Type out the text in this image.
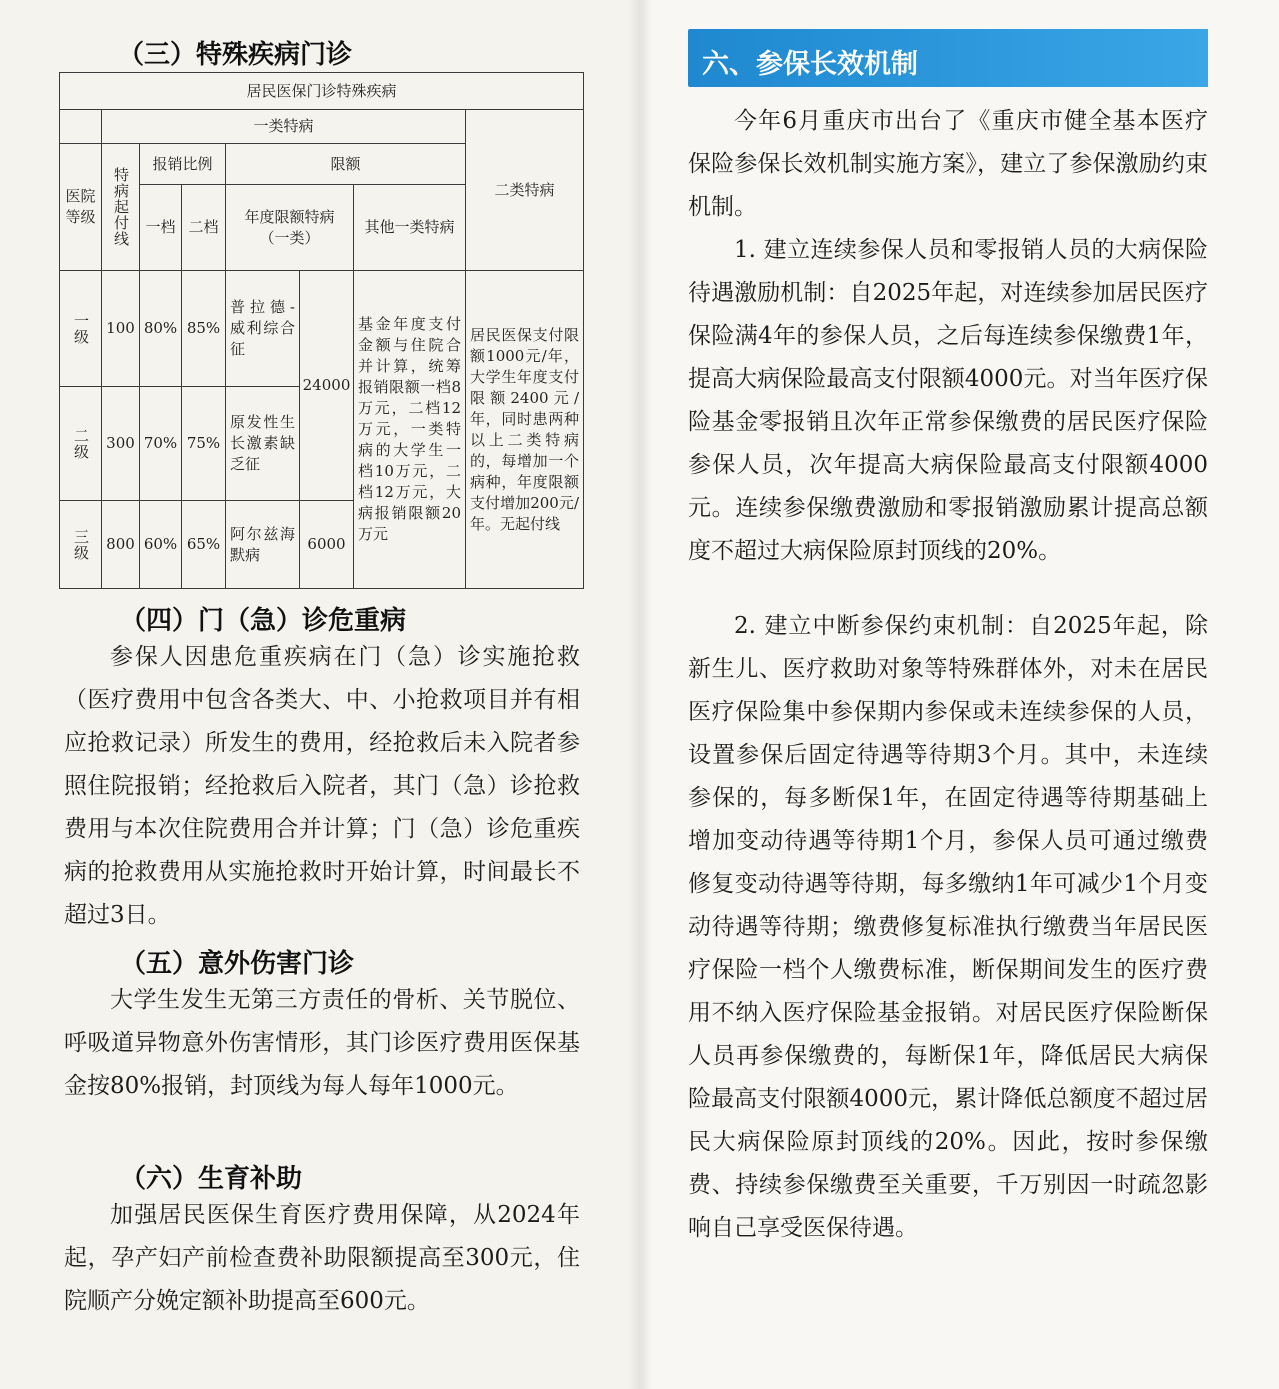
（三）特殊疾病门诊
居民医保门诊特殊疾病							
	一类特病						二类特病
医院等级	特病起付线	报销比例		限额			
		一档	二档	年度限额特病（一类）		其他一类特病	
一级	100	80%	85%	普拉德-威利综合征	24000	基金年度支付金额与住院合并计算，统筹报销限额一档8万元，二档12万元，一类特病的大学生一档10万元，二档12万元，大病报销限额20万元	居民医保支付限额1000元/年，大学生年度支付限额2400元/年，同时患两种以上二类特病的，每增加一个病种，年度限额支付增加200元/年。无起付线
二级	300	70%	75%	原发性生长激素缺乏征			
三级	800	60%	65%	阿尔兹海默病	6000		
（四）门（急）诊危重病

参保人因患危重疾病在门（急）诊实施抢救（医疗费用中包含各类大、中、小抢救项目并有相应抢救记录）所发生的费用，经抢救后未入院者参照住院报销；经抢救后入院者，其门（急）诊抢救费用与本次住院费用合并计算；门（急）诊危重疾病的抢救费用从实施抢救时开始计算，时间最长不超过3日。

（五）意外伤害门诊

大学生发生无第三方责任的骨析、关节脱位、呼吸道异物意外伤害情形，其门诊医疗费用医保基金按80%报销，封顶线为每人每年1000元。

（六）生育补助

加强居民医保生育医疗费用保障，从2024年起，孕产妇产前检查费补助限额提高至300元，住院顺产分娩定额补助提高至600元。

六、参保长效机制

今年6月重庆市出台了《重庆市健全基本医疗保险参保长效机制实施方案》，建立了参保激励约束机制。

1. 建立连续参保人员和零报销人员的大病保险待遇激励机制：自2025年起，对连续参加居民医疗保险满4年的参保人员，之后每连续参保缴费1年，提高大病保险最高支付限额4000元。对当年医疗保险基金零报销且次年正常参保缴费的居民医疗保险参保人员，次年提高大病保险最高支付限额4000元。连续参保缴费激励和零报销激励累计提高总额度不超过大病保险原封顶线的20%。

2. 建立中断参保约束机制：自2025年起，除新生儿、医疗救助对象等特殊群体外，对未在居民医疗保险集中参保期内参保或未连续参保的人员，设置参保后固定待遇等待期3个月。其中，未连续参保的，每多断保1年，在固定待遇等待期基础上增加变动待遇等待期1个月，参保人员可通过缴费修复变动待遇等待期，每多缴纳1年可减少1个月变动待遇等待期；缴费修复标准执行缴费当年居民医疗保险一档个人缴费标准，断保期间发生的医疗费用不纳入医疗保险基金报销。对居民医疗保险断保人员再参保缴费的，每断保1年，降低居民大病保险最高支付限额4000元，累计降低总额度不超过居民大病保险原封顶线的20%。因此，按时参保缴费、持续参保缴费至关重要，千万别因一时疏忽影响自己享受医保待遇。
